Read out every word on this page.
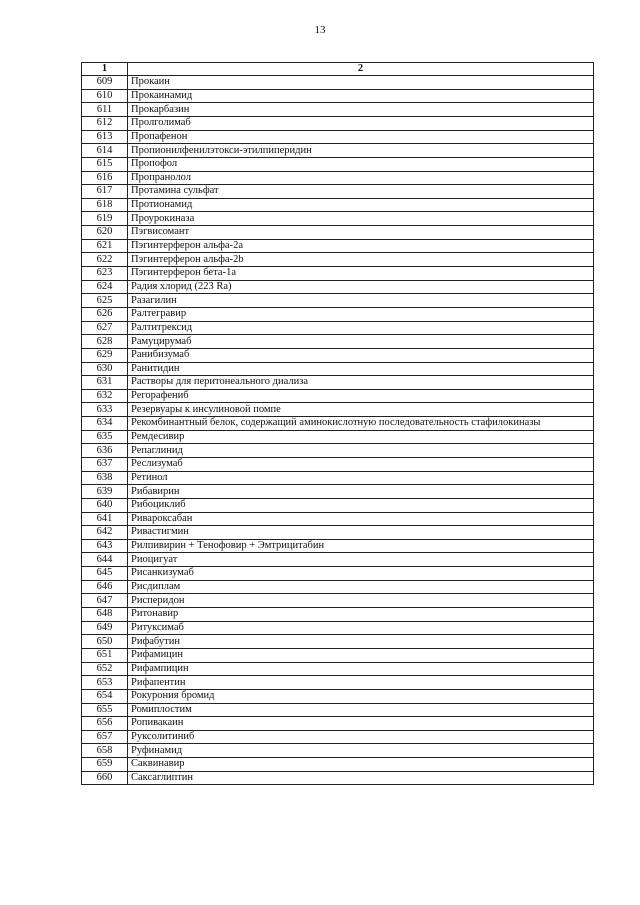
13
1	2
609	Прокаин
610	Прокаинамид
611	Прокарбазин
612	Пролголимаб
613	Пропафенон
614	Пропионилфенилэтокси-этилпиперидин
615	Пропофол
616	Пропранолол
617	Протамина сульфат
618	Протионамид
619	Проурокиназа
620	Пэгвисомант
621	Пэгинтерферон альфа-2а
622	Пэгинтерферон альфа-2b
623	Пэгинтерферон бета-1а
624	Радия хлорид (223 Ra)
625	Разагилин
626	Ралтегравир
627	Ралтитрексид
628	Рамуцирумаб
629	Ранибизумаб
630	Ранитидин
631	Растворы для перитонеального диализа
632	Регорафениб
633	Резервуары к инсулиновой помпе
634	Рекомбинантный белок, содержащий аминокислотную последовательность стафилокиназы
635	Ремдесивир
636	Репаглинид
637	Реслизумаб
638	Ретинол
639	Рибавирин
640	Рибоциклиб
641	Ривароксабан
642	Ривастигмин
643	Рилпивирин + Тенофовир + Эмтрицитабин
644	Риоцигуат
645	Рисанкизумаб
646	Рисдиплам
647	Рисперидон
648	Ритонавир
649	Ритуксимаб
650	Рифабутин
651	Рифамицин
652	Рифампицин
653	Рифапентин
654	Рокурония бромид
655	Ромиплостим
656	Ропивакаин
657	Руксолитиниб
658	Руфинамид
659	Саквинавир
660	Саксаглиптин
